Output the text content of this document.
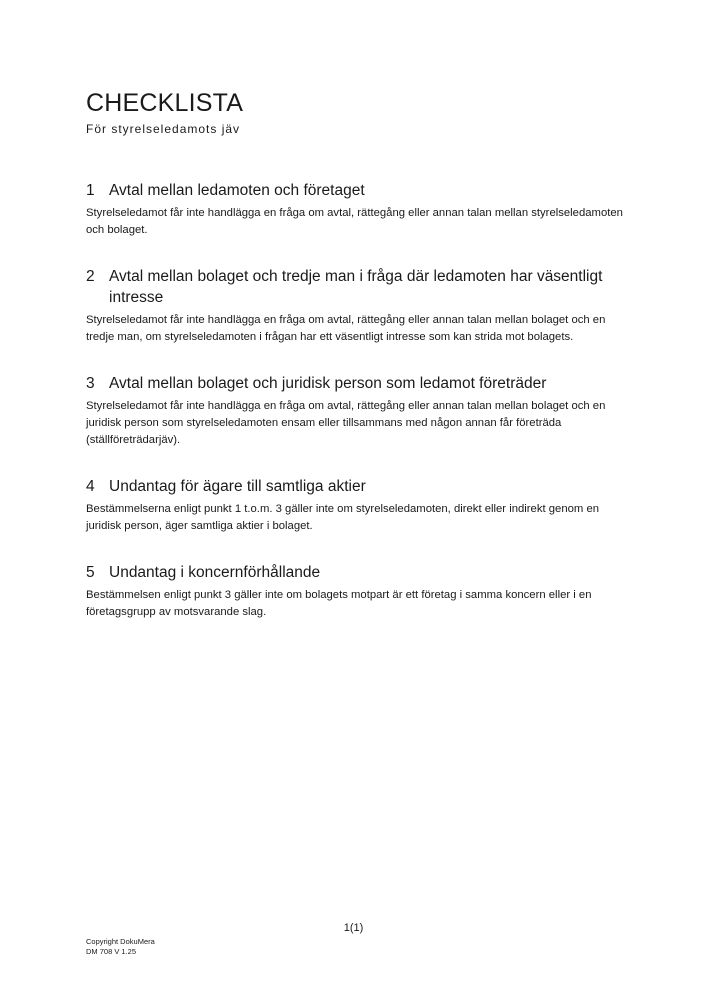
CHECKLISTA
För styrelseledamots jäv
1 Avtal mellan ledamoten och företaget

Styrelseledamot får inte handlägga en fråga om avtal, rättegång eller annan talan mellan styrelseledamoten och bolaget.

2 Avtal mellan bolaget och tredje man i fråga där ledamoten har väsentligt intresse

Styrelseledamot får inte handlägga en fråga om avtal, rättegång eller annan talan mellan bolaget och en tredje man, om styrelseledamoten i frågan har ett väsentligt intresse som kan strida mot bolagets.

3 Avtal mellan bolaget och juridisk person som ledamot företräder

Styrelseledamot får inte handlägga en fråga om avtal, rättegång eller annan talan mellan bolaget och en juridisk person som styrelseledamoten ensam eller tillsammans med någon annan får företräda (ställföreträdarjäv).

4 Undantag för ägare till samtliga aktier

Bestämmelserna enligt punkt 1 t.o.m. 3 gäller inte om styrelseledamoten, direkt eller indirekt genom en juridisk person, äger samtliga aktier i bolaget.

5 Undantag i koncernförhållande

Bestämmelsen enligt punkt 3 gäller inte om bolagets motpart är ett företag i samma koncern eller i en företagsgrupp av motsvarande slag.

1(1)
Copyright DokuMera
DM 708 V 1.25
